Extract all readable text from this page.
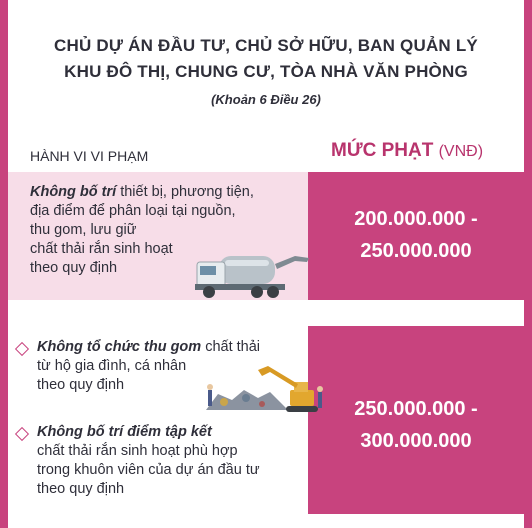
CHỦ DỰ ÁN ĐẦU TƯ, CHỦ SỞ HỮU, BAN QUẢN LÝ
KHU ĐÔ THỊ, CHUNG CƯ, TÒA NHÀ VĂN PHÒNG
(Khoản 6 Điều 26)
HÀNH VI VI PHẠM	MỨC PHẠT (VNĐ)
Không bố trí thiết bị, phương tiện,
địa điểm để phân loại tại nguồn,
thu gom, lưu giữ
chất thải rắn sinh hoạt
theo quy định
200.000.000 -
250.000.000
Không tổ chức thu gom chất thải
từ hộ gia đình, cá nhân
theo quy định
Không bố trí điểm tập kết
chất thải rắn sinh hoạt phù hợp
trong khuôn viên của dự án đầu tư
theo quy định
250.000.000 -
300.000.000
